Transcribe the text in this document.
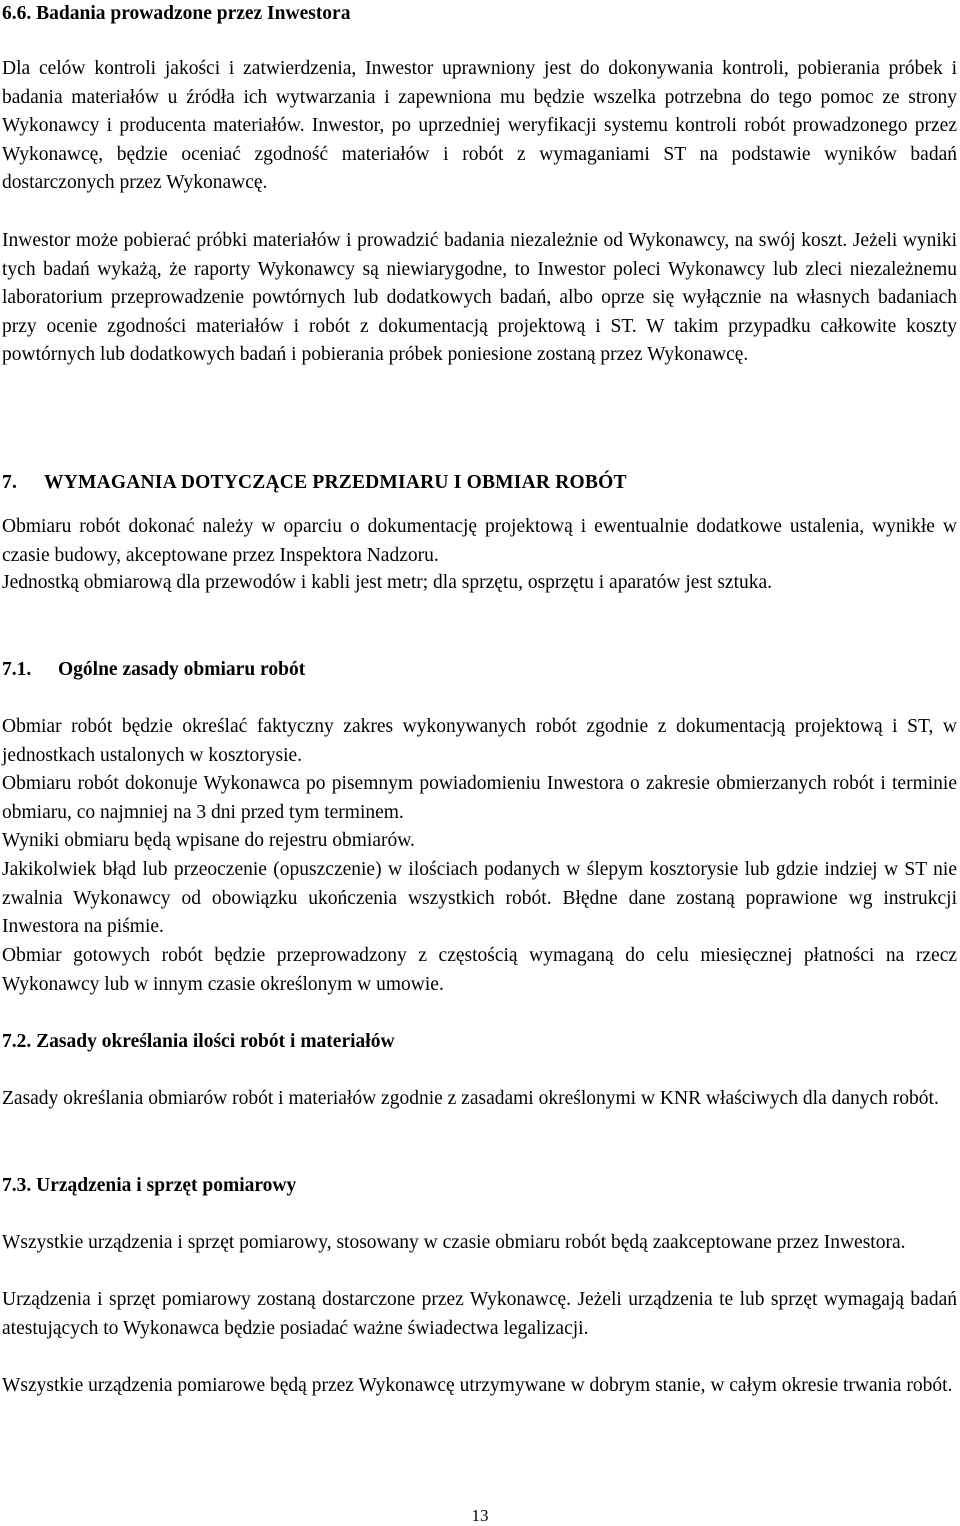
6.6. Badania prowadzone przez Inwestora

Dla celów kontroli jakości i zatwierdzenia, Inwestor uprawniony jest do dokonywania kontroli, pobierania próbek i badania materiałów u źródła ich wytwarzania i zapewniona mu będzie wszelka potrzebna do tego pomoc ze strony Wykonawcy i producenta materiałów. Inwestor, po uprzedniej weryfikacji systemu kontroli robót prowadzonego przez Wykonawcę, będzie oceniać zgodność materiałów i robót z wymaganiami ST na podstawie wyników badań dostarczonych przez Wykonawcę.

Inwestor może pobierać próbki materiałów i prowadzić badania niezależnie od Wykonawcy, na swój koszt. Jeżeli wyniki tych badań wykażą, że raporty Wykonawcy są niewiarygodne, to Inwestor poleci Wykonawcy lub zleci niezależnemu laboratorium przeprowadzenie powtórnych lub dodatkowych badań, albo oprze się wyłącznie na własnych badaniach przy ocenie zgodności materiałów i robót z dokumentacją projektową i ST. W takim przypadku całkowite koszty powtórnych lub dodatkowych badań i pobierania próbek poniesione zostaną przez Wykonawcę.

7. WYMAGANIA DOTYCZĄCE PRZEDMIARU I OBMIAR ROBÓT

Obmiaru robót dokonać należy w oparciu o dokumentację projektową i ewentualnie dodatkowe ustalenia, wynikłe w czasie budowy, akceptowane przez Inspektora Nadzoru.

Jednostką obmiarową dla przewodów i kabli jest metr; dla sprzętu, osprzętu i aparatów jest sztuka.

7.1. Ogólne zasady obmiaru robót

Obmiar robót będzie określać faktyczny zakres wykonywanych robót zgodnie z dokumentacją projektową i ST, w jednostkach ustalonych w kosztorysie.

Obmiaru robót dokonuje Wykonawca po pisemnym powiadomieniu Inwestora o zakresie obmierzanych robót i terminie obmiaru, co najmniej na 3 dni przed tym terminem.

Wyniki obmiaru będą wpisane do rejestru obmiarów.

Jakikolwiek błąd lub przeoczenie (opuszczenie) w ilościach podanych w ślepym kosztorysie lub gdzie indziej w ST nie zwalnia Wykonawcy od obowiązku ukończenia wszystkich robót. Błędne dane zostaną poprawione wg instrukcji Inwestora na piśmie.

Obmiar gotowych robót będzie przeprowadzony z częstością wymaganą do celu miesięcznej płatności na rzecz Wykonawcy lub w innym czasie określonym w umowie.

7.2. Zasady określania ilości robót i materiałów

Zasady określania obmiarów robót i materiałów zgodnie z zasadami określonymi w KNR właściwych dla danych robót.

7.3. Urządzenia i sprzęt pomiarowy

Wszystkie urządzenia i sprzęt pomiarowy, stosowany w czasie obmiaru robót będą zaakceptowane przez Inwestora.

Urządzenia i sprzęt pomiarowy zostaną dostarczone przez Wykonawcę. Jeżeli urządzenia te lub sprzęt wymagają badań atestujących to Wykonawca będzie posiadać ważne świadectwa legalizacji.

Wszystkie urządzenia pomiarowe będą przez Wykonawcę utrzymywane w dobrym stanie, w całym okresie trwania robót.

13
